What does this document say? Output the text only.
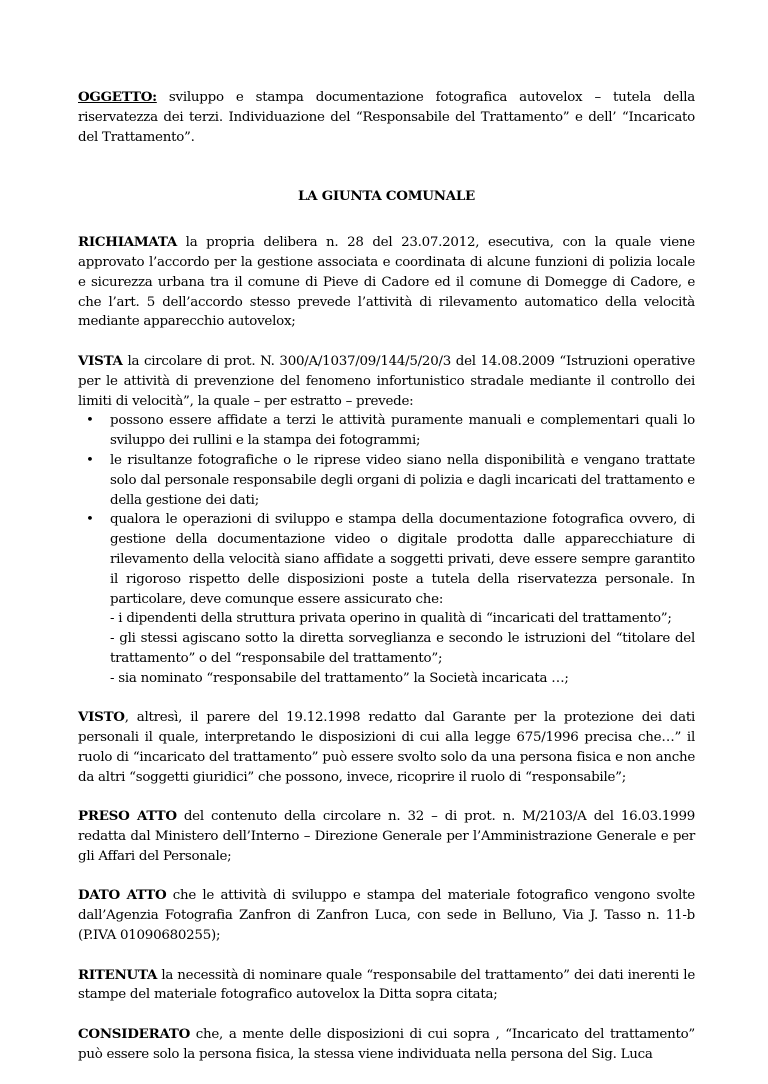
OGGETTO: sviluppo e stampa documentazione fotografica autovelox – tutela della riservatezza dei terzi. Individuazione del “Responsabile del Trattamento” e dell’ “Incaricato del Trattamento”.

LA GIUNTA COMUNALE

RICHIAMATA la propria delibera n. 28 del 23.07.2012, esecutiva, con la quale viene approvato l’accordo per la gestione associata e coordinata di alcune funzioni di polizia locale e sicurezza urbana tra il comune di Pieve di Cadore ed il comune di Domegge di Cadore, e che l’art. 5 dell’accordo stesso prevede l’attività di rilevamento automatico della velocità mediante apparecchio autovelox;

VISTA la circolare di prot. N. 300/A/1037/09/144/5/20/3 del 14.08.2009 “Istruzioni operative per le attività di prevenzione del fenomeno infortunistico stradale mediante il controllo dei limiti di velocità”, la quale – per estratto – prevede:

• possono essere affidate a terzi le attività puramente manuali e complementari quali lo sviluppo dei rullini e la stampa dei fotogrammi;
• le risultanze fotografiche o le riprese video siano nella disponibilità e vengano trattate solo dal personale responsabile degli organi di polizia e dagli incaricati del trattamento e della gestione dei dati;
• qualora le operazioni di sviluppo e stampa della documentazione fotografica ovvero, di gestione della documentazione video o digitale prodotta dalle apparecchiature di rilevamento della velocità siano affidate a soggetti privati, deve essere sempre garantito il rigoroso rispetto delle disposizioni poste a tutela della riservatezza personale. In particolare, deve comunque essere assicurato che:
- i dipendenti della struttura privata operino in qualità di “incaricati del trattamento”;
- gli stessi agiscano sotto la diretta sorveglianza e secondo le istruzioni del “titolare del trattamento” o del “responsabile del trattamento”;
- sia nominato “responsabile del trattamento” la Società incaricata …;

VISTO, altresì, il parere del 19.12.1998 redatto dal Garante per la protezione dei dati personali il quale, interpretando le disposizioni di cui alla legge 675/1996 precisa che…” il ruolo di “incaricato del trattamento” può essere svolto solo da una persona fisica e non anche da altri “soggetti giuridici” che possono, invece, ricoprire il ruolo di “responsabile”;

PRESO ATTO del contenuto della circolare n. 32 – di prot. n. M/2103/A del 16.03.1999 redatta dal Ministero dell’Interno – Direzione Generale per l’Amministrazione Generale e per gli Affari del Personale;

DATO ATTO che le attività di sviluppo e stampa del materiale fotografico vengono svolte dall’Agenzia Fotografia Zanfron di Zanfron Luca, con sede in Belluno, Via J. Tasso n. 11-b (P.IVA 01090680255);

RITENUTA la necessità di nominare quale “responsabile del trattamento” dei dati inerenti le stampe del materiale fotografico autovelox la Ditta sopra citata;

CONSIDERATO che, a mente delle disposizioni di cui sopra , “Incaricato del trattamento” può essere solo la persona fisica, la stessa viene individuata nella persona del Sig. Luca
